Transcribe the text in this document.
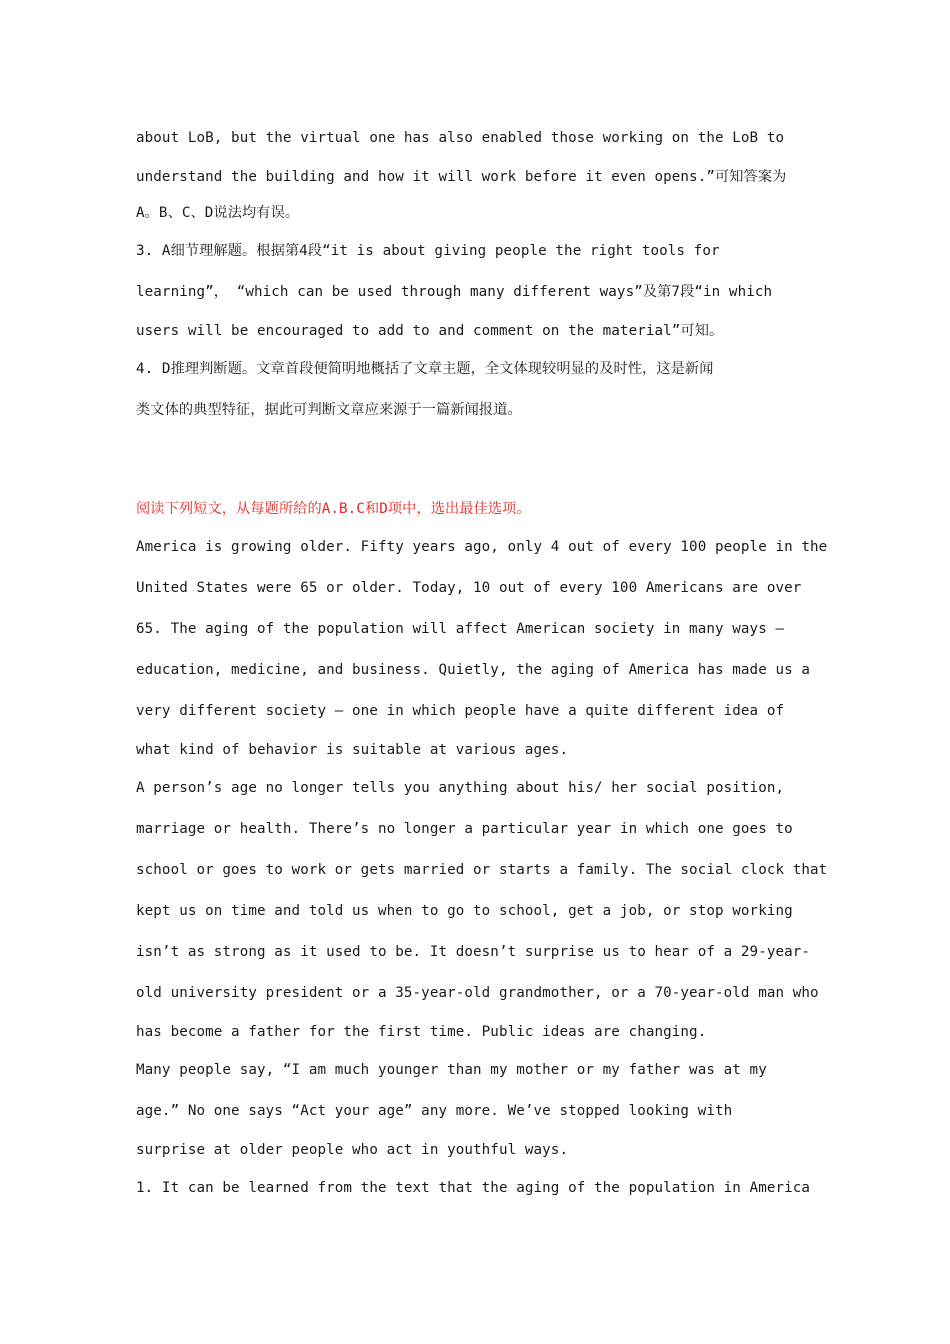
about LoB, but the virtual one has also enabled those working on the LoB to
understand the building and how it will work before it even opens.”可知答案为
A。B、C、D说法均有误。
3. A细节理解题。根据第4段“it is about giving people the right tools for
learning”， “which can be used through many different ways”及第7段“in which
users will be encouraged to add to and comment on the material”可知。
4. D推理判断题。文章首段便简明地概括了文章主题，全文体现较明显的及时性，这是新闻
类文体的典型特征，据此可判断文章应来源于一篇新闻报道。
阅读下列短文，从每题所给的A.B.C和D项中，选出最佳选项。
America is growing older. Fifty years ago, only 4 out of every 100 people in the
United States were 65 or older. Today, 10 out of every 100 Americans are over
65. The aging of the population will affect American society in many ways —
education, medicine, and business. Quietly, the aging of America has made us a
very different society — one in which people have a quite different idea of
what kind of behavior is suitable at various ages.
A person’s age no longer tells you anything about his/ her social position,
marriage or health. There’s no longer a particular year in which one goes to
school or goes to work or gets married or starts a family. The social clock that
kept us on time and told us when to go to school, get a job, or stop working
isn’t as strong as it used to be. It doesn’t surprise us to hear of a 29-year-
old university president or a 35-year-old grandmother, or a 70-year-old man who
has become a father for the first time. Public ideas are changing.
Many people say, “I am much younger than my mother or my father was at my
age.” No one says “Act your age” any more. We’ve stopped looking with
surprise at older people who act in youthful ways.
1. It can be learned from the text that the aging of the population in America
